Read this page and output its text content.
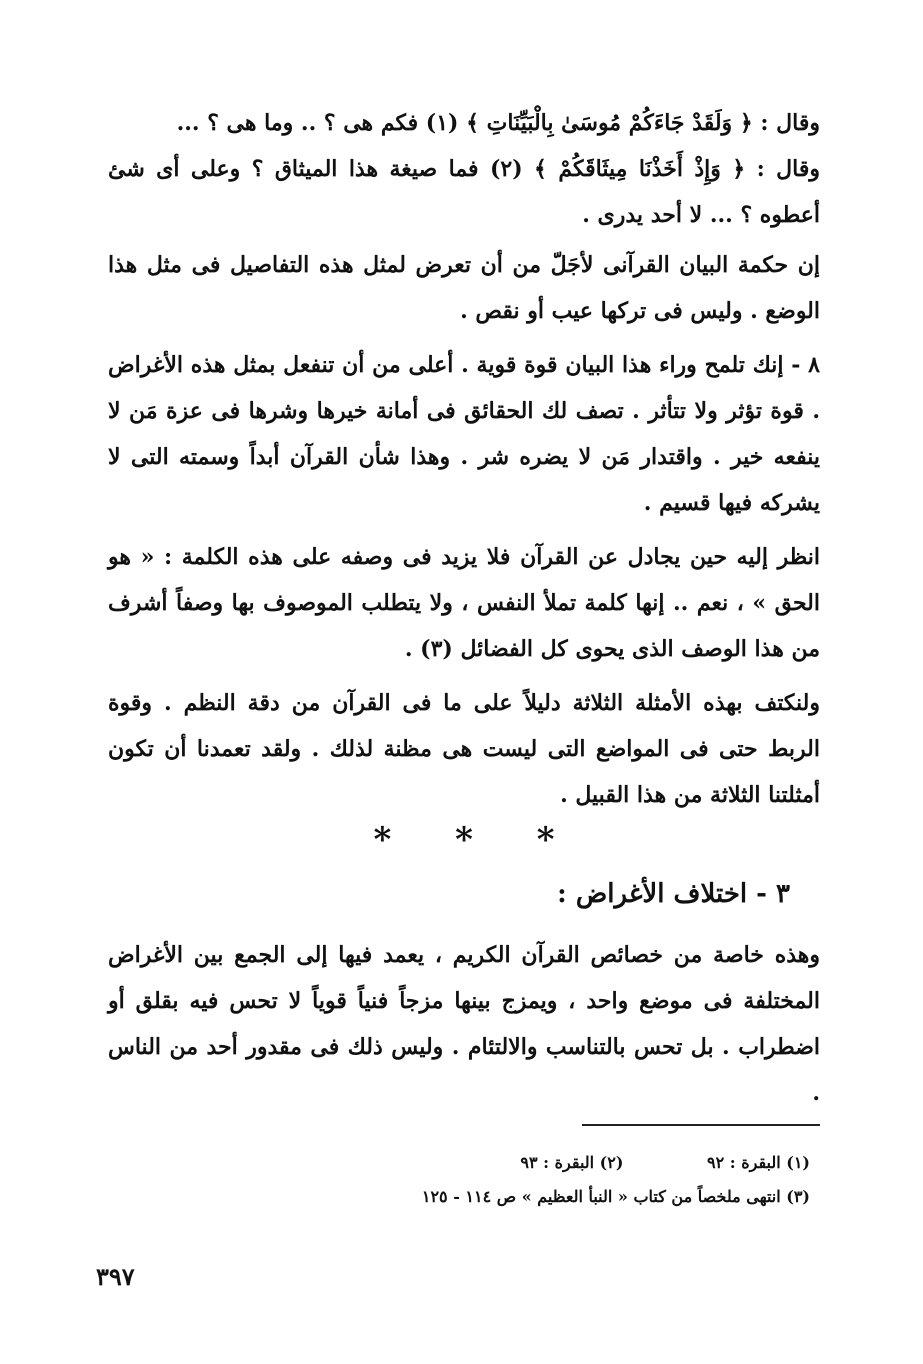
وقال : ﴿ وَلَقَدْ جَاءَكُمْ مُوسَىٰ بِالْبَيِّنَاتِ ﴾ (١) فكم هى ؟ .. وما هى ؟ ...

وقال : ﴿ وَإِذْ أَخَذْنَا مِيثَاقَكُمْ ﴾ (٢) فما صيغة هذا الميثاق ؟ وعلى أى شئ أعطوه ؟ ... لا أحد يدرى .

إن حكمة البيان القرآنى لأجَلّ من أن تعرض لمثل هذه التفاصيل فى مثل هذا الوضع . وليس فى تركها عيب أو نقص .

٨ - إنك تلمح وراء هذا البيان قوة قوية . أعلى من أن تنفعل بمثل هذه الأغراض . قوة تؤثر ولا تتأثر . تصف لك الحقائق فى أمانة خيرها وشرها فى عزة مَن لا ينفعه خير . واقتدار مَن لا يضره شر . وهذا شأن القرآن أبداً وسمته التى لا يشركه فيها قسيم .

انظر إليه حين يجادل عن القرآن فلا يزيد فى وصفه على هذه الكلمة : « هو الحق » ، نعم .. إنها كلمة تملأ النفس ، ولا يتطلب الموصوف بها وصفاً أشرف من هذا الوصف الذى يحوى كل الفضائل (٣) .

ولنكتف بهذه الأمثلة الثلاثة دليلاً على ما فى القرآن من دقة النظم . وقوة الربط حتى فى المواضع التى ليست هى مظنة لذلك . ولقد تعمدنا أن تكون أمثلتنا الثلاثة من هذا القبيل .

* * *
٣ - اختلاف الأغراض :

وهذه خاصة من خصائص القرآن الكريم ، يعمد فيها إلى الجمع بين الأغراض المختلفة فى موضع واحد ، ويمزج بينها مزجاً فنياً قوياً لا تحس فيه بقلق أو اضطراب . بل تحس بالتناسب والالتئام . وليس ذلك فى مقدور أحد من الناس .

(١) البقرة : ٩٢ (٢) البقرة : ٩٣
(٣) انتهى ملخصاً من كتاب « النبأ العظيم » ص ١١٤ - ١٢٥
٣٩٧
